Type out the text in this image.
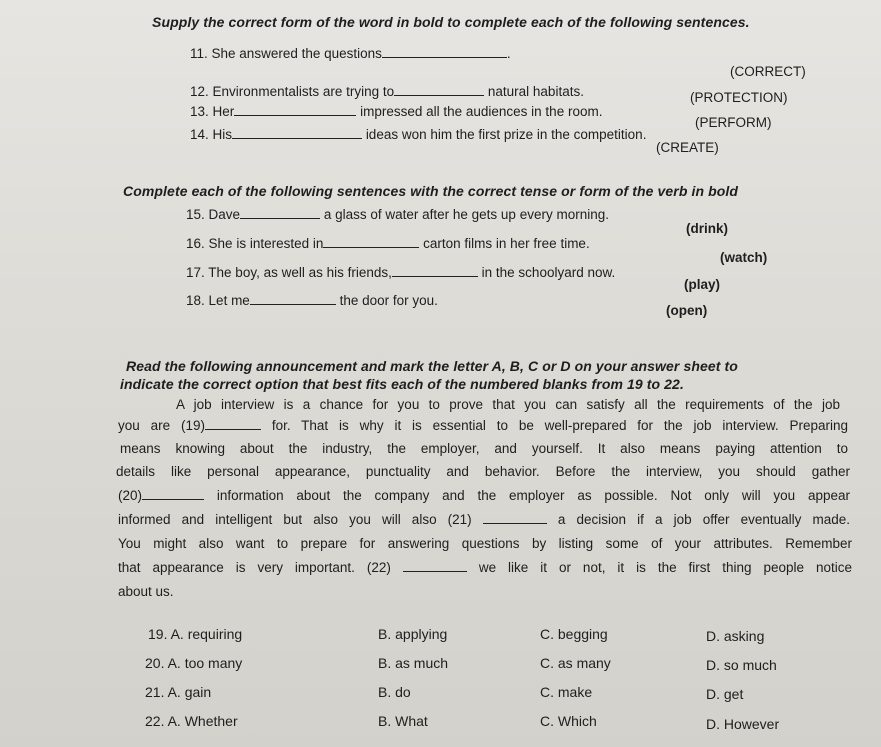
Supply the correct form of the word in bold to complete each of the following sentences.
11. She answered the questions	.
(CORRECT)
12. Environmentalists are trying to	natural habitats.	(PROTECTION)
13. Her	impressed all the audiences in the room.
(PERFORM)
14. His	ideas won him the first prize in the competition.
(CREATE)
Complete each of the following sentences with the correct tense or form of the verb in bold
15. Dave	a glass of water after he gets up every morning.
(drink)
16. She is interested in	carton films in her free time.
(watch)
17. The boy, as well as his friends,	in the schoolyard now.
(play)
18. Let me	the door for you.
(open)
Read the following announcement and mark the letter A, B, C or D on your answer sheet to
indicate the correct option that best fits each of the numbered blanks from 19 to 22.
A job interview is a chance for you to prove that you can satisfy all the requirements of the job
you are (19)	for. That is why it is essential to be well-prepared for the job interview. Preparing
means knowing about the industry, the employer, and yourself. It also means paying attention to
details like personal appearance, punctuality and behavior. Before the interview, you should gather
(20)	information about the company and the employer as possible. Not only will you appear
informed and intelligent but also you will also (21)	a decision if a job offer eventually made.
You might also want to prepare for answering questions by listing some of your attributes. Remember
that appearance is very important. (22)	we like it or not, it is the first thing people notice
about us.
19. A. requiring	B. applying	C. begging	D. asking
20. A. too many	B. as much	C. as many	D. so much
21. A. gain	B. do	C. make	D. get
22. A. Whether	B. What	C. Which	D. However
